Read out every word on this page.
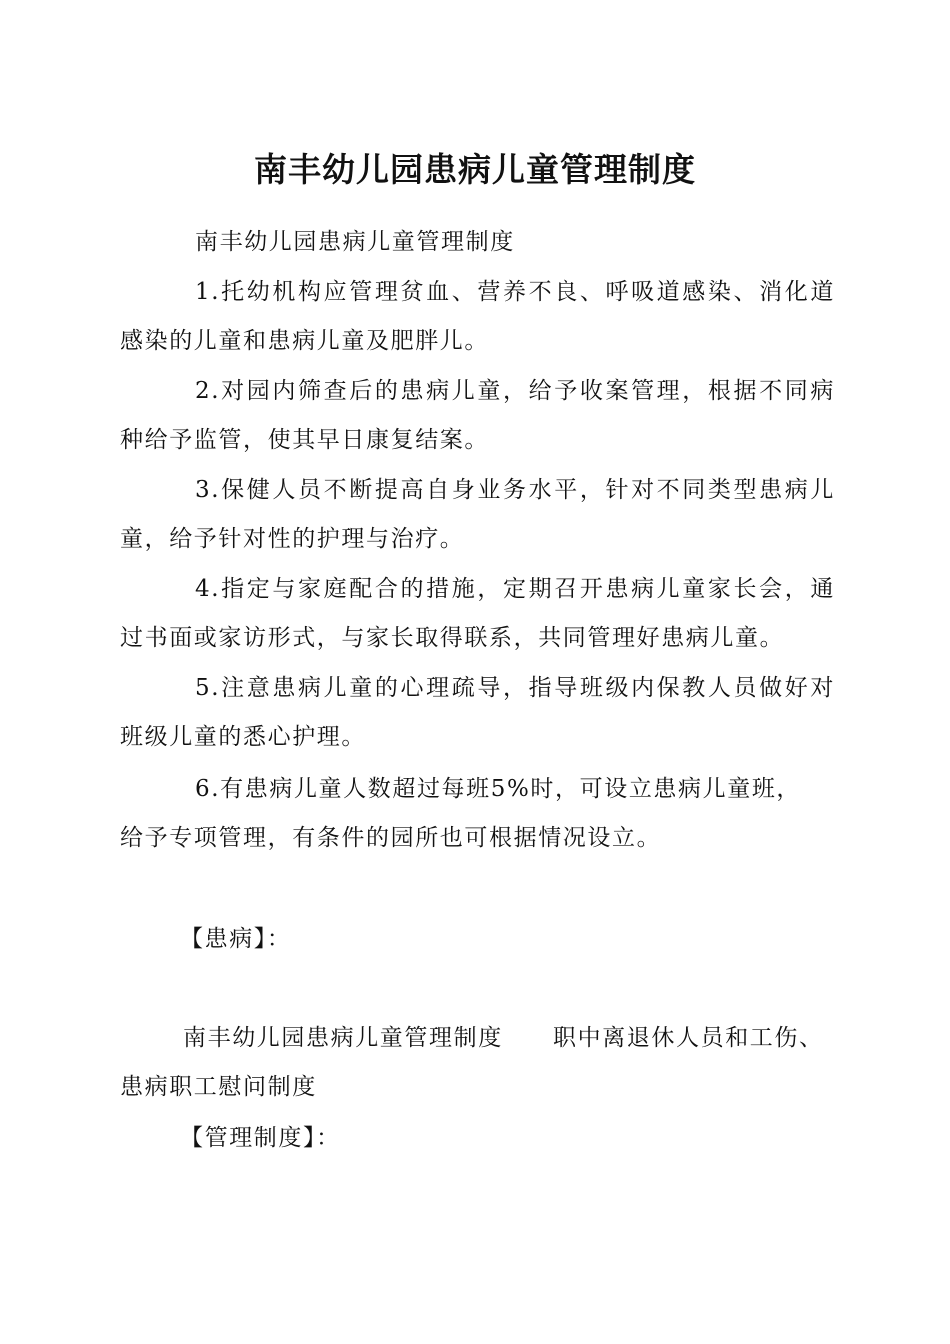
南丰幼儿园患病儿童管理制度
南丰幼儿园患病儿童管理制度

1.托幼机构应管理贫血、营养不良、呼吸道感染、消化道感染的儿童和患病儿童及肥胖儿。

2.对园内筛查后的患病儿童，给予收案管理，根据不同病种给予监管，使其早日康复结案。

3.保健人员不断提高自身业务水平，针对不同类型患病儿童，给予针对性的护理与治疗。

4.指定与家庭配合的措施，定期召开患病儿童家长会，通过书面或家访形式，与家长取得联系，共同管理好患病儿童。

5.注意患病儿童的心理疏导，指导班级内保教人员做好对班级儿童的悉心护理。

6.有患病儿童人数超过每班5%时，可设立患病儿童班，
给予专项管理，有条件的园所也可根据情况设立。
【患病】：
南丰幼儿园患病儿童管理制度 职中离退休人员和工伤、
患病职工慰问制度
【管理制度】：
